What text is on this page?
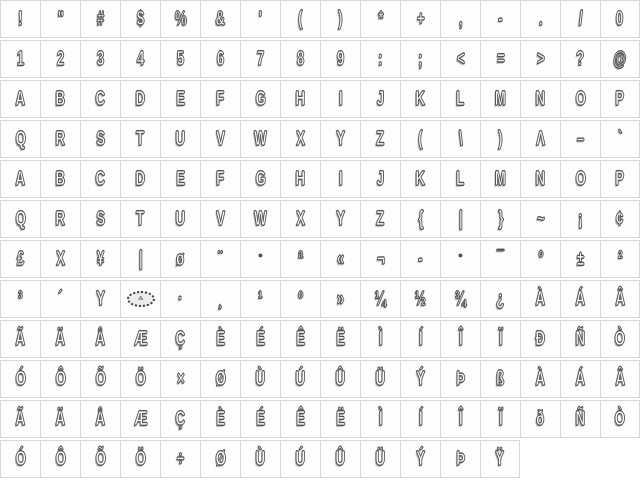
! " # $ % & ' ( ) * + , - . / 0
1 2 3 4 5 6 7 8 9 : ; < = > ? @
A B C D E F G H I J K L M N O P
Q R S T U V W X Y Z ( \ ) Λ – `
A B C D E F G H I J K L M N O P
Q R S T U V W X Y Z { | } ~ ¡ ¢
£ X ¥ | ø ¨	● ª « ¬ -	● ¯ ° ± ²
³ ´ Y	⁂ · ¸ ¹ º » ¼ ½ ¾ ¿ À Á Â
Ã Ä Å Æ Ç È É Ê Ë Ì Í Î Ï Ð Ñ Ò
Ó Ô Õ Ö × Ø Ù Ú Û Ü Ý Þ ß À Á Â
Ã Ä Å Æ Ç È É Ê Ë Ì Í Î Ï ð Ñ Ò
Ó Ô Õ Ö ÷ Ø Ù Ú Û Ü Ý Þ Ÿ
